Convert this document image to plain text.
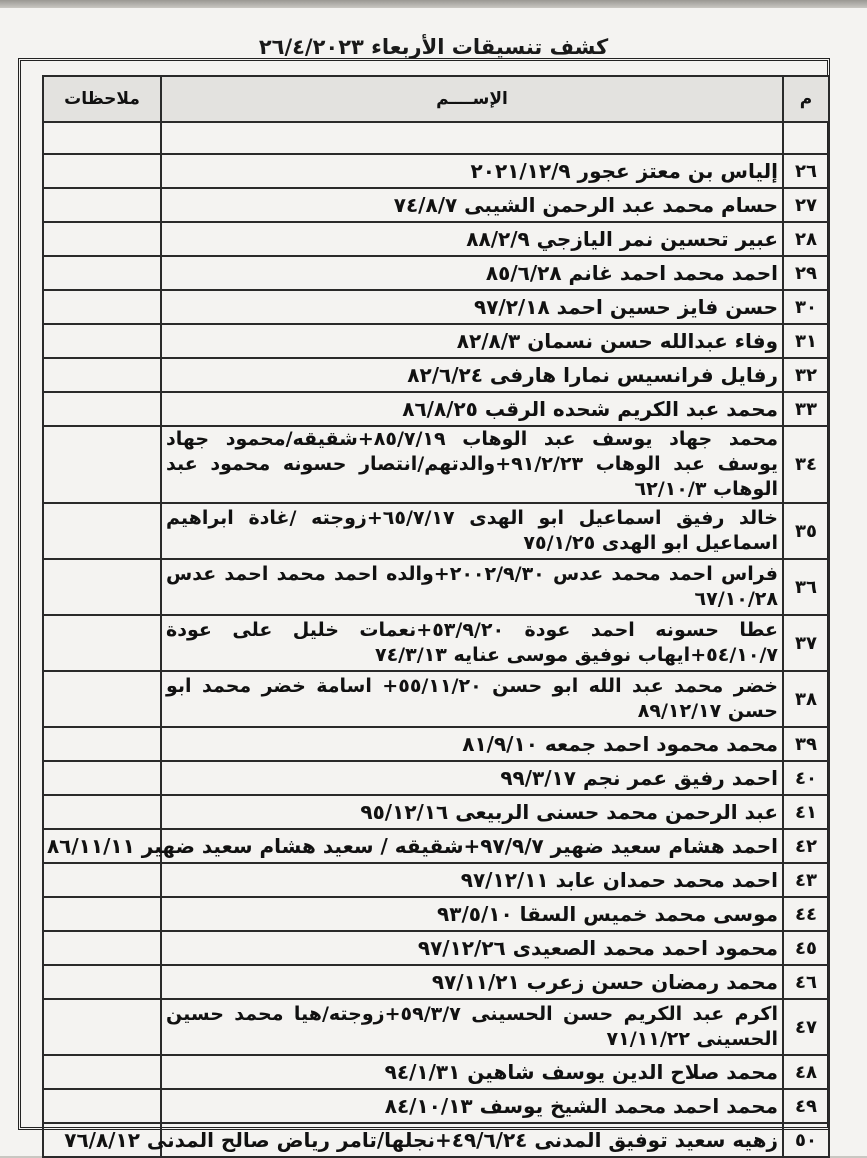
كشف تنسيقات الأربعاء ٢٦/٤/٢٠٢٣
م	الإســــم	ملاحظات

٢٦	إلياس بن معتز عجور ٢٠٢١/١٢/٩	
٢٧	حسام محمد عبد الرحمن الشيبى ٧٤/٨/٧	
٢٨	عبير تحسين نمر اليازجي ٨٨/٢/٩	
٢٩	احمد محمد احمد غانم ٨٥/٦/٢٨	
٣٠	حسن فايز حسين احمد ٩٧/٢/١٨	
٣١	وفاء عبدالله حسن نسمان ٨٢/٨/٣	
٣٢	رفايل فرانسيس نمارا هارفى ٨٢/٦/٢٤	
٣٣	محمد عبد الكريم شحده الرقب ٨٦/٨/٢٥	
٣٤	محمد جهاد يوسف عبد الوهاب ٨٥/٧/١٩+شقيقه/محمود جهاد يوسف عبد الوهاب ٩١/٢/٢٣+والدتهم/انتصار حسونه محمود عبد الوهاب ٦٢/١٠/٣	
٣٥	خالد رفيق اسماعيل ابو الهدى ٦٥/٧/١٧+زوجته /غادة ابراهيم اسماعيل ابو الهدى ٧٥/١/٢٥	
٣٦	فراس احمد محمد عدس ٢٠٠٢/٩/٣٠+والده احمد محمد احمد عدس ٦٧/١٠/٢٨	
٣٧	عطا حسونه احمد عودة ٥٣/٩/٢٠+نعمات خليل على عودة ٥٤/١٠/٧+ايهاب نوفيق موسى عنايه ٧٤/٣/١٣	
٣٨	خضر محمد عبد الله ابو حسن ٥٥/١١/٢٠+ اسامة خضر محمد ابو حسن ٨٩/١٢/١٧	
٣٩	محمد محمود احمد جمعه ٨١/٩/١٠	
٤٠	احمد رفيق عمر نجم ٩٩/٣/١٧	
٤١	عبد الرحمن محمد حسنى الربيعى ٩٥/١٢/١٦	
٤٢	احمد هشام سعيد ضهير ٩٧/٩/٧+شقيقه / سعيد هشام سعيد ضهير ٨٦/١١/١١	
٤٣	احمد محمد حمدان عابد ٩٧/١٢/١١	
٤٤	موسى محمد خميس السقا ٩٣/٥/١٠	
٤٥	محمود احمد محمد الصعيدى ٩٧/١٢/٢٦	
٤٦	محمد رمضان حسن زعرب ٩٧/١١/٢١	
٤٧	اكرم عبد الكريم حسن الحسينى ٥٩/٣/٧+زوجته/هيا محمد حسين الحسينى ٧١/١١/٢٢	
٤٨	محمد صلاح الدين يوسف شاهين ٩٤/١/٣١	
٤٩	محمد احمد محمد الشيخ يوسف ٨٤/١٠/١٣	
٥٠	زهيه سعيد توفيق المدنى ٤٩/٦/٢٤+نجلها/تامر رياض صالح المدنى ٧٦/٨/١٢	
